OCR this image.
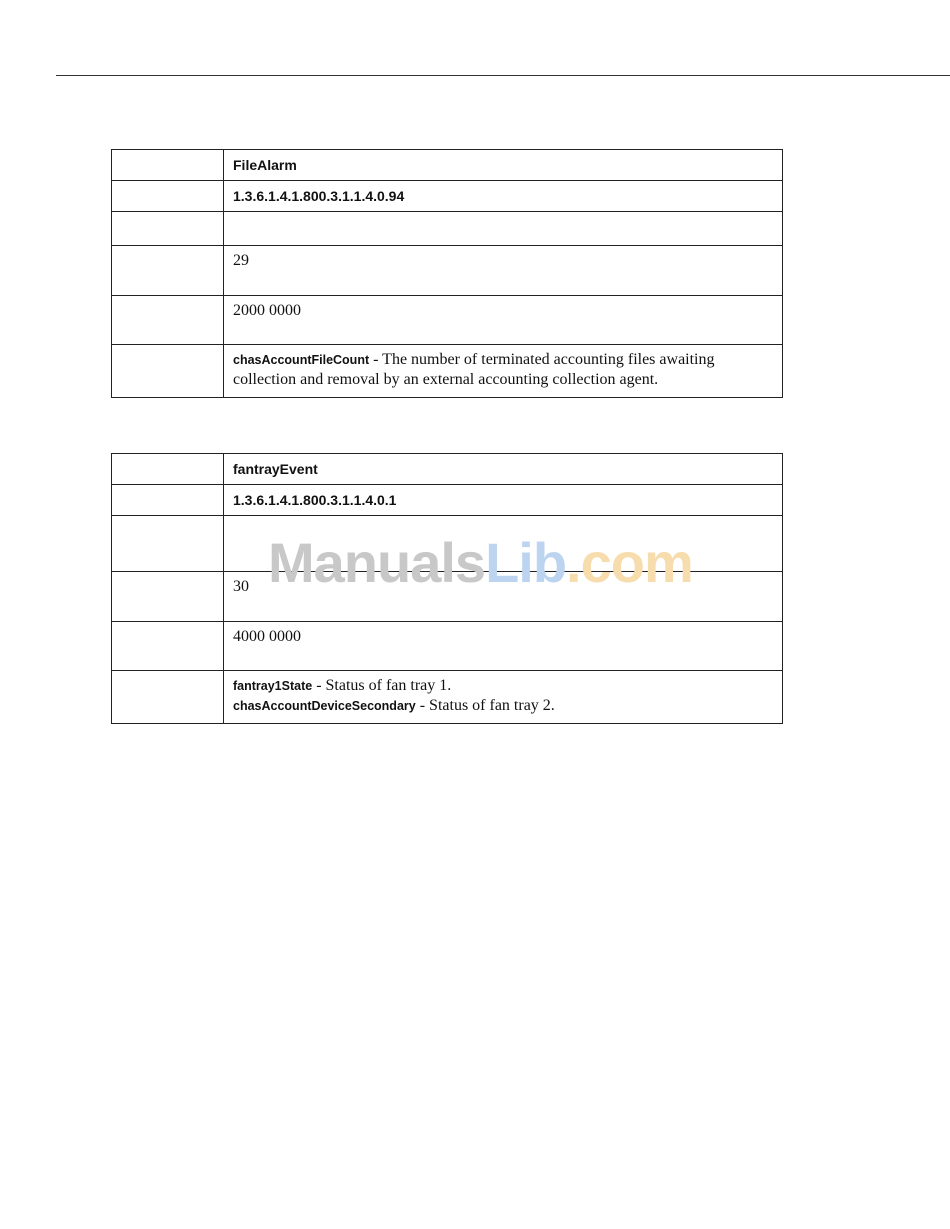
	FileAlarm
	1.3.6.1.4.1.800.3.1.1.4.0.94

	29
	2000 0000

	chasAccountFileCount - The number of terminated accounting files awaiting collection and removal by an external accounting collection agent.
	fantrayEvent
	1.3.6.1.4.1.800.3.1.1.4.0.1

	30
	4000 0000

	fantray1State - Status of fan tray 1.
chasAccountDeviceSecondary - Status of fan tray 2.
ManualsLib.com
